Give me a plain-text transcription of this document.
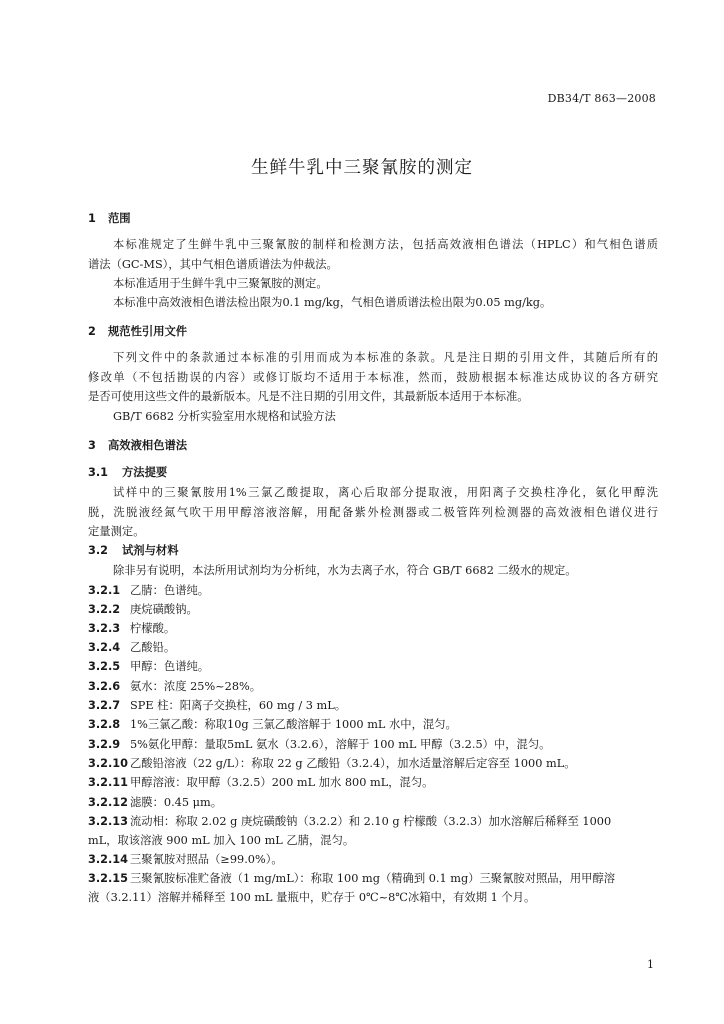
DB34/T 863—2008
生鲜牛乳中三聚氰胺的测定
1 范围
本标准规定了生鲜牛乳中三聚氰胺的制样和检测方法，包括高效液相色谱法（HPLC）和气相色谱质
谱法（GC-MS），其中气相色谱质谱法为仲裁法。
本标准适用于生鲜牛乳中三聚氰胺的测定。
本标准中高效液相色谱法检出限为0.1 mg/kg，气相色谱质谱法检出限为0.05 mg/kg。
2 规范性引用文件
下列文件中的条款通过本标准的引用而成为本标准的条款。凡是注日期的引用文件，其随后所有的
修改单（不包括勘误的内容）或修订版均不适用于本标准，然而，鼓励根据本标准达成协议的各方研究
是否可使用这些文件的最新版本。凡是不注日期的引用文件，其最新版本适用于本标准。
GB/T 6682 分析实验室用水规格和试验方法
3 高效液相色谱法
3.1 方法提要
试样中的三聚氰胺用1%三氯乙酸提取，离心后取部分提取液，用阳离子交换柱净化，氨化甲醇洗
脱，洗脱液经氮气吹干用甲醇溶液溶解，用配备紫外检测器或二极管阵列检测器的高效液相色谱仪进行
定量测定。
3.2 试剂与材料
除非另有说明，本法所用试剂均为分析纯，水为去离子水，符合 GB/T 6682 二级水的规定。
3.2.1 乙腈：色谱纯。
3.2.2 庚烷磺酸钠。
3.2.3 柠檬酸。
3.2.4 乙酸铅。
3.2.5 甲醇：色谱纯。
3.2.6 氨水：浓度 25%~28%。
3.2.7 SPE 柱：阳离子交换柱，60 mg / 3 mL。
3.2.8 1%三氯乙酸：称取10g 三氯乙酸溶解于 1000 mL 水中，混匀。
3.2.9 5%氨化甲醇：量取5mL 氨水（3.2.6），溶解于 100 mL 甲醇（3.2.5）中，混匀。
3.2.10 乙酸铅溶液（22 g/L）：称取 22 g 乙酸铅（3.2.4），加水适量溶解后定容至 1000 mL。
3.2.11 甲醇溶液：取甲醇（3.2.5）200 mL 加水 800 mL，混匀。
3.2.12 滤膜：0.45 μm。
3.2.13 流动相：称取 2.02 g 庚烷磺酸钠（3.2.2）和 2.10 g 柠檬酸（3.2.3）加水溶解后稀释至 1000
mL，取该溶液 900 mL 加入 100 mL 乙腈，混匀。
3.2.14 三聚氰胺对照品（≥99.0%）。
3.2.15 三聚氰胺标准贮备液（1 mg/mL）：称取 100 mg（精确到 0.1 mg）三聚氰胺对照品，用甲醇溶
液（3.2.11）溶解并稀释至 100 mL 量瓶中，贮存于 0℃~8℃冰箱中，有效期 1 个月。
1
